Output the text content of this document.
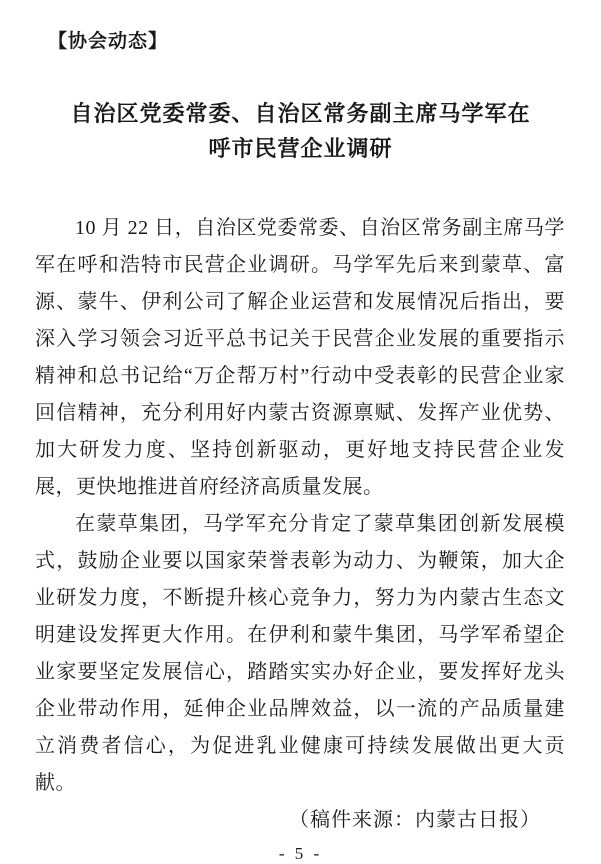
【协会动态】
自治区党委常委、自治区常务副主席马学军在
呼市民营企业调研

10 月 22 日，自治区党委常委、自治区常务副主席马学军在呼和浩特市民营企业调研。马学军先后来到蒙草、富源、蒙牛、伊利公司了解企业运营和发展情况后指出，要深入学习领会习近平总书记关于民营企业发展的重要指示精神和总书记给“万企帮万村”行动中受表彰的民营企业家回信精神，充分利用好内蒙古资源禀赋、发挥产业优势、加大研发力度、坚持创新驱动，更好地支持民营企业发展，更快地推进首府经济高质量发展。

在蒙草集团，马学军充分肯定了蒙草集团创新发展模式，鼓励企业要以国家荣誉表彰为动力、为鞭策，加大企业研发力度，不断提升核心竞争力，努力为内蒙古生态文明建设发挥更大作用。在伊利和蒙牛集团，马学军希望企业家要坚定发展信心，踏踏实实办好企业，要发挥好龙头企业带动作用，延伸企业品牌效益，以一流的产品质量建立消费者信心，为促进乳业健康可持续发展做出更大贡献。

（稿件来源：内蒙古日报）

- 5 -
